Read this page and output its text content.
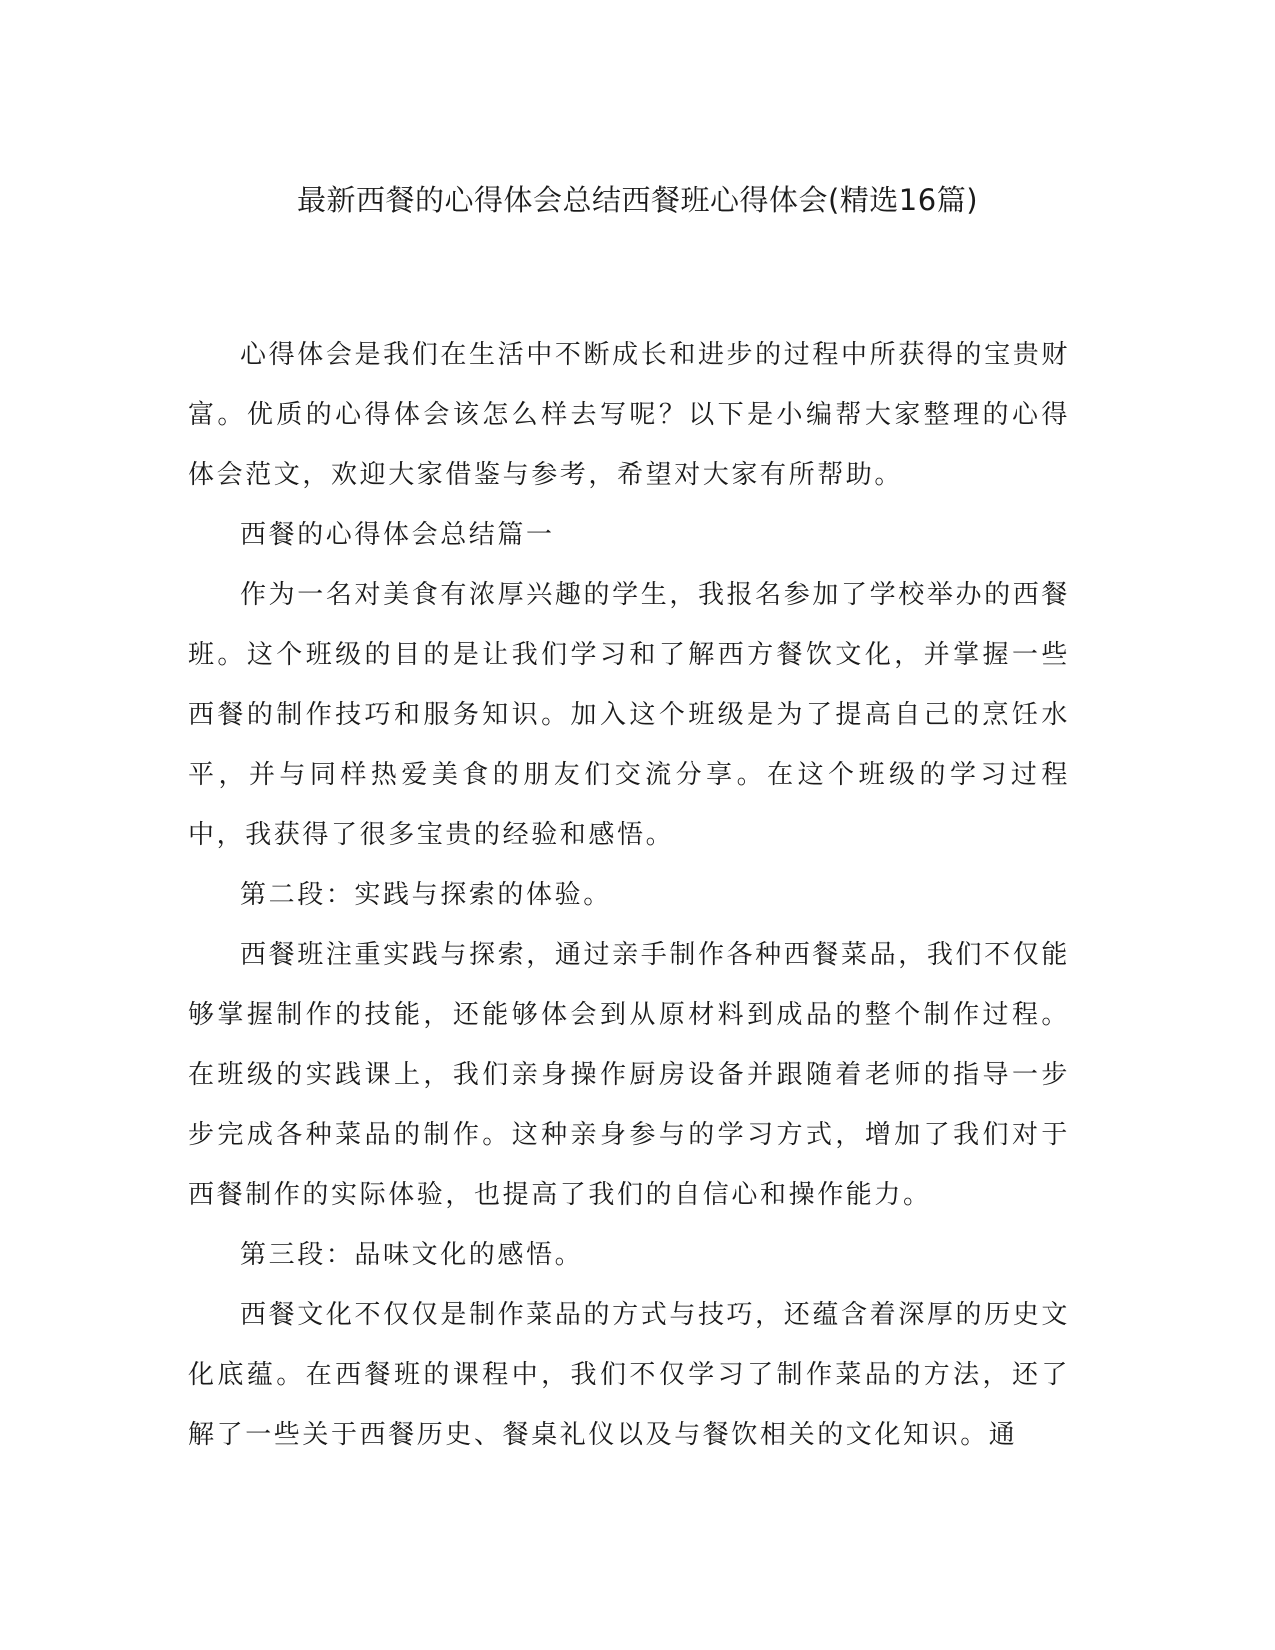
最新西餐的心得体会总结西餐班心得体会(精选16篇)

心得体会是我们在生活中不断成长和进步的过程中所获得的宝贵财富。优质的心得体会该怎么样去写呢？以下是小编帮大家整理的心得体会范文，欢迎大家借鉴与参考，希望对大家有所帮助。

西餐的心得体会总结篇一

作为一名对美食有浓厚兴趣的学生，我报名参加了学校举办的西餐班。这个班级的目的是让我们学习和了解西方餐饮文化，并掌握一些西餐的制作技巧和服务知识。加入这个班级是为了提高自己的烹饪水平，并与同样热爱美食的朋友们交流分享。在这个班级的学习过程中，我获得了很多宝贵的经验和感悟。

第二段：实践与探索的体验。

西餐班注重实践与探索，通过亲手制作各种西餐菜品，我们不仅能够掌握制作的技能，还能够体会到从原材料到成品的整个制作过程。在班级的实践课上，我们亲身操作厨房设备并跟随着老师的指导一步步完成各种菜品的制作。这种亲身参与的学习方式，增加了我们对于西餐制作的实际体验，也提高了我们的自信心和操作能力。

第三段：品味文化的感悟。

西餐文化不仅仅是制作菜品的方式与技巧，还蕴含着深厚的历史文化底蕴。在西餐班的课程中，我们不仅学习了制作菜品的方法，还了解了一些关于西餐历史、餐桌礼仪以及与餐饮相关的文化知识。通
